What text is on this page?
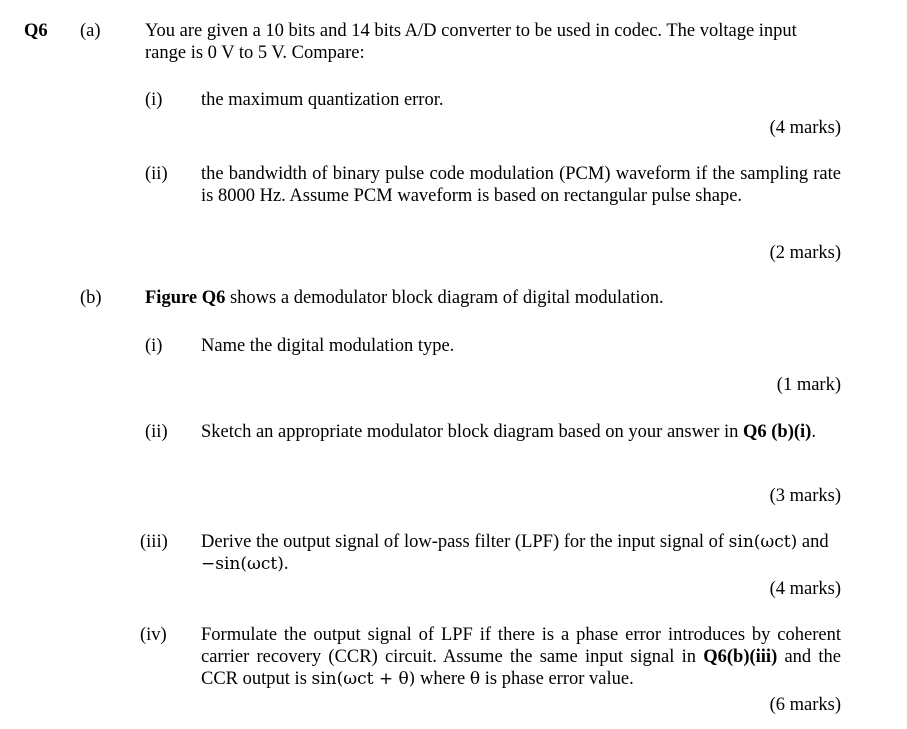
Q6 (a) You are given a 10 bits and 14 bits A/D converter to be used in codec. The voltage input range is 0 V to 5 V. Compare:
(i) the maximum quantization error.
(4 marks)
(ii) the bandwidth of binary pulse code modulation (PCM) waveform if the sampling rate is 8000 Hz. Assume PCM waveform is based on rectangular pulse shape.
(2 marks)
(b) Figure Q6 shows a demodulator block diagram of digital modulation.
(i) Name the digital modulation type.
(1 mark)
(ii) Sketch an appropriate modulator block diagram based on your answer in Q6 (b)(i).
(3 marks)
(iii) Derive the output signal of low-pass filter (LPF) for the input signal of sin(ωct) and −sin(ωct).
(4 marks)
(iv) Formulate the output signal of LPF if there is a phase error introduces by coherent carrier recovery (CCR) circuit. Assume the same input signal in Q6(b)(iii) and the CCR output is sin(ωct + θ) where θ is phase error value.
(6 marks)
